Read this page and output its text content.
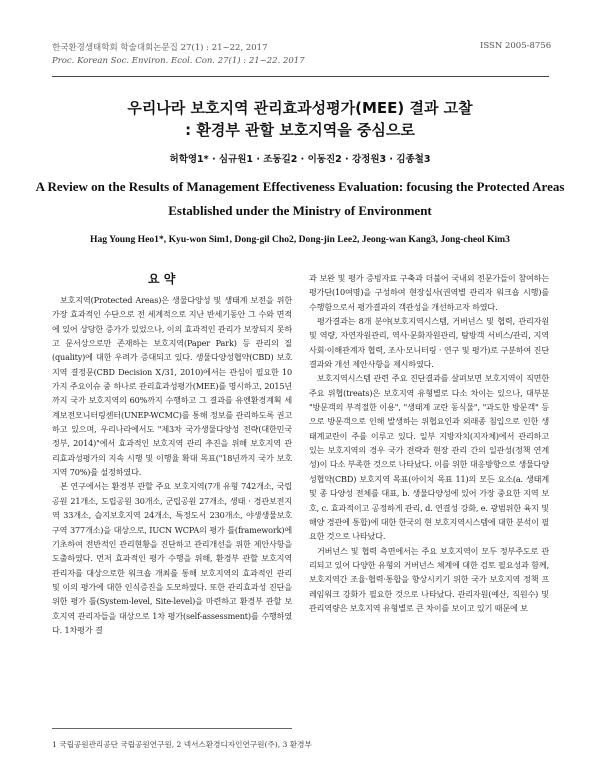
한국환경생태학회 학술대회논문집 27(1) : 21~22, 2017	ISSN 2005-8756
Proc. Korean Soc. Environ. Ecol. Con. 27(1) : 21~22. 2017
우리나라 보호지역 관리효과성평가(MEE) 결과 고찰
: 환경부 관할 보호지역을 중심으로
허학영1* · 심규원1 · 조동길2 · 이동진2 · 강정원3 · 김종철3
A Review on the Results of Management Effectiveness Evaluation: focusing the Protected Areas
Established under the Ministry of Environment
Hag Young Heo1*, Kyu-won Sim1, Dong-gil Cho2, Dong-jin Lee2, Jeong-wan Kang3, Jong-cheol Kim3
요 약

보호지역(Protected Areas)은 생물다양성 및 생태계 보전을 위한 가장 효과적인 수단으로 전 세계적으로 지난 반세기동안 그 수와 면적에 있어 상당한 증가가 있었으나, 이의 효과적인 관리가 보장되지 못하고 문서상으로만 존재하는 보호지역(Paper Park) 등 관리의 질(quality)에 대한 우려가 증대되고 있다. 생물다양성협약(CBD) 보호지역 결정문(CBD Decision Ⅹ/31, 2010)에서는 관심이 필요한 10가지 주요이슈 중 하나로 관리효과성평가(MEE)를 명시하고, 2015년까지 국가 보호지역의 60%까지 수행하고 그 결과를 유엔환경계획 세계보전모니터링센터(UNEP-WCMC)를 통해 정보를 관리하도록 권고하고 있으며, 우리나라에서도 "제3차 국가생물다양성 전략(대한민국정부, 2014)"에서 효과적인 보호지역 관리 추진을 위해 보호지역 관리효과성평가의 지속 시행 및 이행율 확대 목표("18년까지 국가 보호지역 70%)를 설정하였다.

본 연구에서는 환경부 관할 주요 보호지역(7개 유형 742개소, 국립공원 21개소, 도립공원 30개소, 군립공원 27개소, 생태 · 경관보전지역 33개소, 습지보호지역 24개소, 특정도서 230개소, 야생생물보호구역 377개소)을 대상으로, IUCN WCPA의 평가 틀(framework)에 기초하여 전반적인 관리현황을 진단하고 관리개선을 위한 제안사항을 도출하였다. 먼저 효과적인 평가 수행을 위해, 환경부 관할 보호지역 관리자를 대상으로한 워크숍 개최를 통해 보호지역의 효과적인 관리 및 이의 평가에 대한 인식증진을 도모하였다. 또한 관리효과성 진단을 위한 평가 틀(System-level, Site-level)을 마련하고 환경부 관할 보호지역 관리자들을 대상으로 1차 평가(self-assessment)를 수행하였다. 1차평가 결

과 보완 및 평가 증빙자료 구축과 더불어 국내외 전문가들이 참여하는 평가단(10여명)을 구성하여 현장실사(권역별 관리자 워크숍 시행)를 수행함으로서 평가결과의 객관성을 개선하고자 하였다.

평가결과는 8개 분야(보호지역시스템, 거버넌스 및 협력, 관리자원 및 역량, 자연자원관리, 역사·문화자원관리, 탐방객 서비스/관리, 지역사회·이해관계자 협력, 조사·모니터링 · 연구 및 평가)로 구분하여 진단 결과와 개선 제안사항을 제시하였다.

보호지역시스템 관련 주요 진단결과를 살펴보면 보호지역이 직면한 주요 위협(treats)은 보호지역 유형별로 다소 차이는 있으나, 대부분 "방문객의 부적절한 이용", "생태계 교란 동식물", "과도한 방문객" 등으로 방문객으로 인해 발생하는 위협요인과 외래종 침입으로 인한 생태계교란이 주를 이루고 있다. 일부 지방자치(지자체)에서 관리하고 있는 보호지역의 경우 국가 전략과 현장 관리 간의 일관성(정책 연계성)이 다소 부족한 것으로 나타났다. 이를 위한 대응방향으로 생물다양성협약(CBD) 보호지역 목표(아이치 목표 11)의 모든 요소(a. 생태계 및 종 다양성 전체를 대표, b. 생물다양성에 있어 가장 중요한 지역 보호, c. 효과적이고 공정하게 관리, d. 연결성 강화, e. 광범위한 육지 및 해양 경관에 통합)에 대한 한국의 현 보호지역시스템에 대한 분석이 필요한 것으로 나타났다.

거버넌스 및 협력 측면에서는 주요 보호지역이 모두 정부주도로 관리되고 있어 다양한 유형의 거버넌스 체계에 대한 검토 필요성과 함께, 보호지역간 조율·협력·통합을 향상시키기 위한 국가 보호지역 정책 프레임워크 강화가 필요한 것으로 나타났다. 관리자원(예산, 직원수) 및 관리역량은 보호지역 유형별로 큰 차이를 보이고 있기 때문에 보

1 국립공원관리공단 국립공원연구원, 2 넥서스환경디자인연구원(주), 3 환경부
